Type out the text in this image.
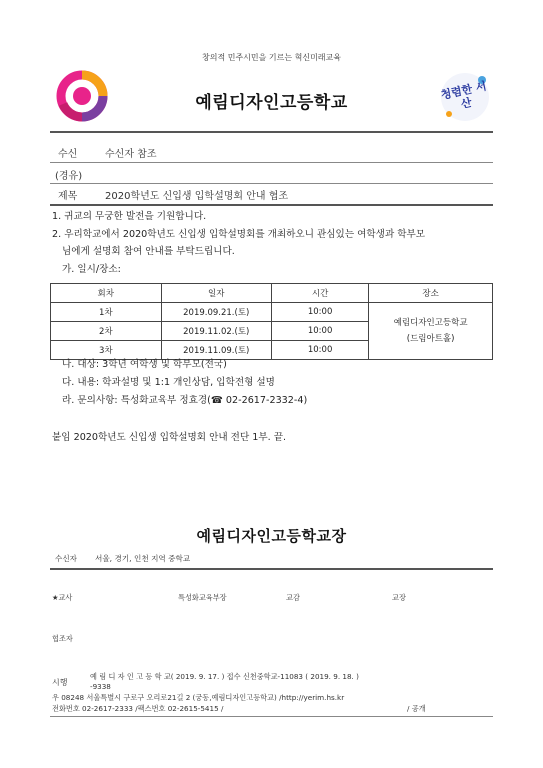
창의적 민주시민을 기르는 혁신미래교육
예림디자인고등학교
청렴한 서산
수신	수신자 참조
(경유)
제목	2020학년도 신입생 입학설명회 안내 협조
1. 귀교의 무궁한 발전을 기원합니다.
2. 우리학교에서 2020학년도 신입생 입학설명회를 개최하오니 관심있는 여학생과 학부모
님에게 설명회 참여 안내를 부탁드립니다.
가. 일시/장소:
회차	일자	시간	장소
1차	2019.09.21.(토)	10:00	예림디자인고등학교
(드림아트홀)

2차	2019.11.02.(토)	10:00	
3차	2019.11.09.(토)	10:00	
나. 대상: 3학년 여학생 및 학부모(전국)
다. 내용: 학과설명 및 1:1 개인상담, 입학전형 설명
라. 문의사항: 특성화교육부 정효경(☎ 02-2617-2332-4)
붙임 2020학년도 신입생 입학설명회 안내 전단 1부. 끝.
예림디자인고등학교장
수신자 서울, 경기, 인천 지역 중학교
★교사	특성화교육부장	교감	교장
협조자
시행
예 림 디 자 인 고 등 학 교( 2019. 9. 17. ) 접수 신천중학교-11083 ( 2019. 9. 18. )
-9338
우 08248 서울특별시 구로구 오리로21길 2 (궁동,예림디자인고등학교) /http://yerim.hs.kr
전화번호 02-2617-2333 /팩스번호 02-2615-5415 /	/ 공개
